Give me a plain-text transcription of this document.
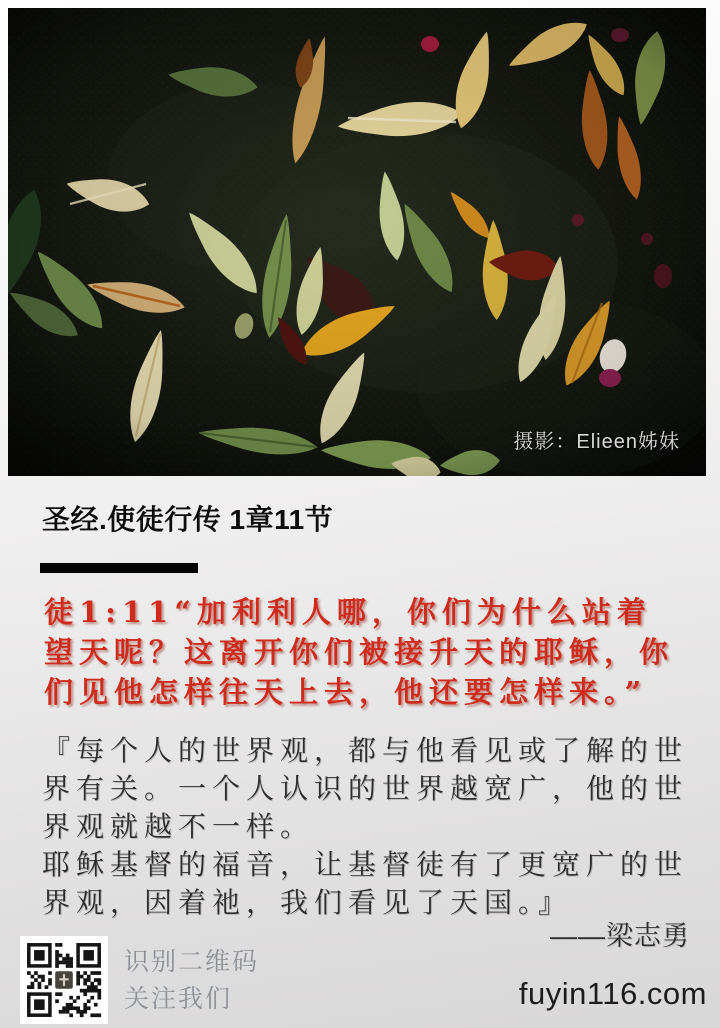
摄影：Elieen姊妹
圣经.使徒行传 1章11节
徒1:11“加利利人哪，你们为什么站着
望天呢？这离开你们被接升天的耶稣，你
们见他怎样往天上去，他还要怎样来。”
『每个人的世界观，都与他看见或了解的世
界有关。一个人认识的世界越宽广，他的世
界观就越不一样。
耶稣基督的福音，让基督徒有了更宽广的世
界观，因着祂，我们看见了天国。』
——梁志勇
识别二维码
关注我们	fuyin116.com
